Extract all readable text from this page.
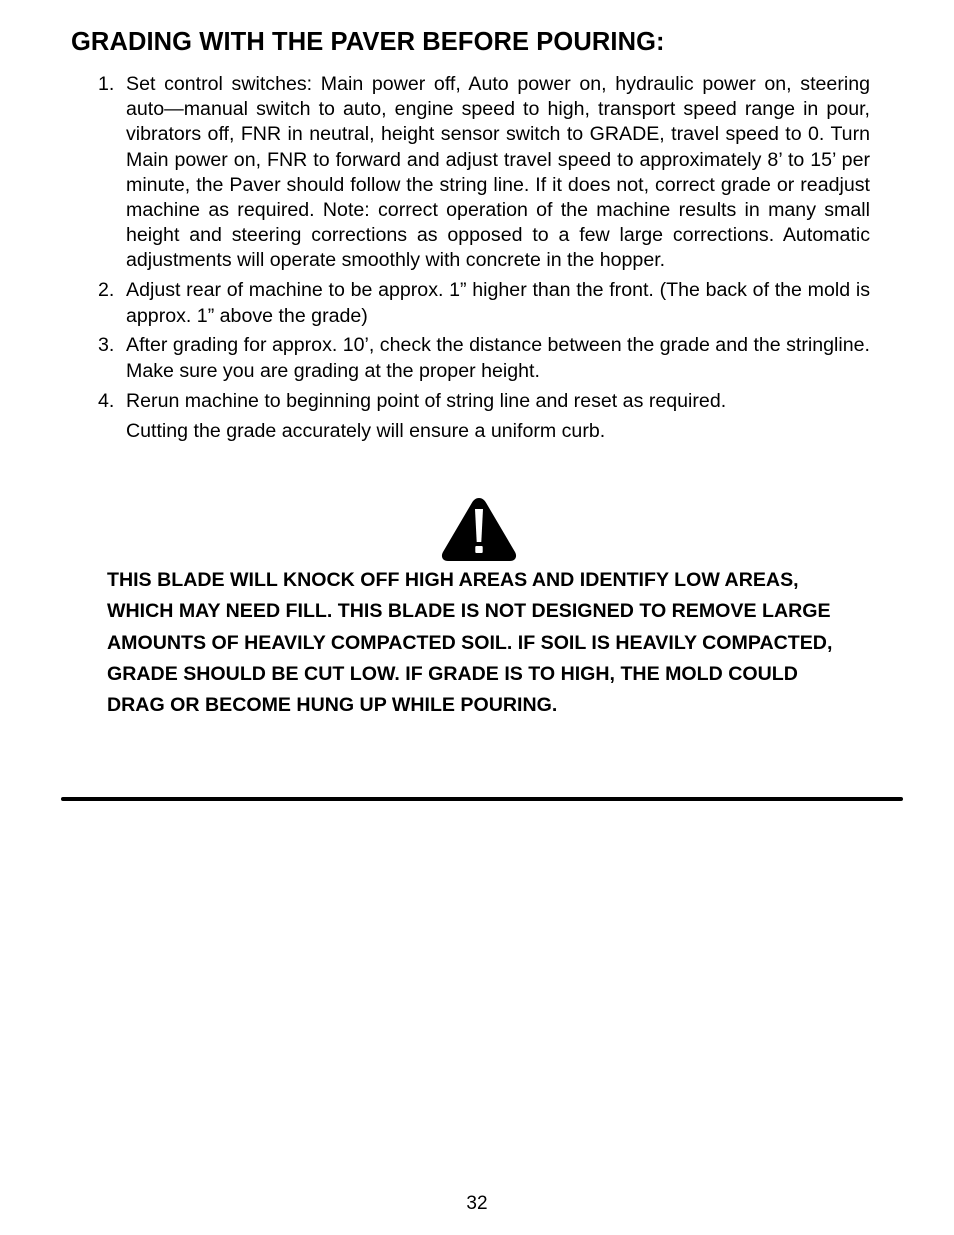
GRADING WITH THE PAVER BEFORE POURING:
1. Set control switches: Main power off, Auto power on, hydraulic power on, steering auto—manual switch to auto, engine speed to high, transport speed range in pour, vibrators off, FNR in neutral, height sensor switch to GRADE, travel speed to 0. Turn Main power on, FNR to forward and adjust travel speed to approximately 8’ to 15’ per minute, the Paver should follow the string line. If it does not, correct grade or readjust machine as required. Note: correct operation of the machine results in many small height and steering corrections as opposed to a few large corrections. Automatic adjustments will operate smoothly with concrete in the hopper.
2. Adjust rear of machine to be approx. 1” higher than the front. (The back of the mold is approx. 1” above the grade)
3. After grading for approx. 10’, check the distance between the grade and the stringline. Make sure you are grading at the proper height.
4. Rerun machine to beginning point of string line and reset as required.
Cutting the grade accurately will ensure a uniform curb.

THIS BLADE WILL KNOCK OFF HIGH AREAS AND IDENTIFY LOW AREAS, WHICH MAY NEED FILL. THIS BLADE IS NOT DESIGNED TO REMOVE LARGE AMOUNTS OF HEAVILY COMPACTED SOIL. IF SOIL IS HEAVILY COMPACTED, GRADE SHOULD BE CUT LOW. IF GRADE IS TO HIGH, THE MOLD COULD DRAG OR BECOME HUNG UP WHILE POURING.

32
